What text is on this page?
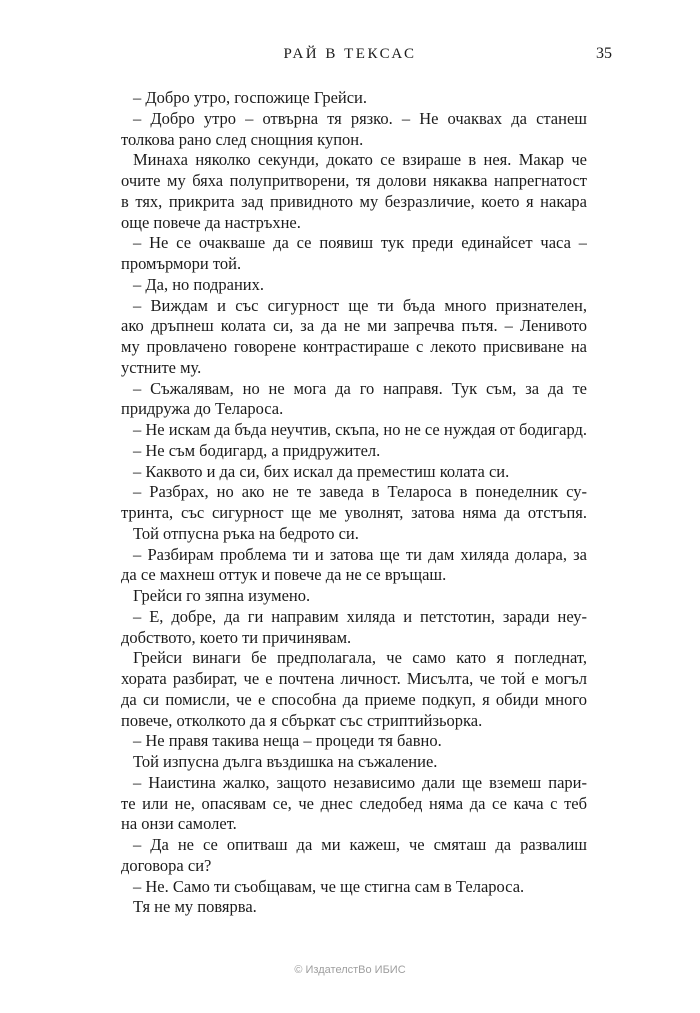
РАЙ В ТЕКСАС	35
– Добро утро, госпожице Грейси.
– Добро утро – отвърна тя рязко. – Не очаквах да станеш
толкова рано след снощния купон.
Минаха няколко секунди, докато се взираше в нея. Макар че
очите му бяха полупритворени, тя долови някаква напрегнатост
в тях, прикрита зад привидното му безразличие, което я накара
още повече да настръхне.
– Не се очакваше да се появиш тук преди единайсет часа –
промърмори той.
– Да, но подраних.
– Виждам и със сигурност ще ти бъда много признателен,
ако дръпнеш колата си, за да не ми запречва пътя. – Ленивото
му провлачено говорене контрастираше с лекото присвиване на
устните му.
– Съжалявам, но не мога да го направя. Тук съм, за да те
придружа до Телароса.
– Не искам да бъда неучтив, скъпа, но не се нуждая от бодигард.
– Не съм бодигард, а придружител.
– Каквото и да си, бих искал да преместиш колата си.
– Разбрах, но ако не те заведа в Телароса в понеделник су-
тринта, със сигурност ще ме уволнят, затова няма да отстъпя.
Той отпусна ръка на бедрото си.
– Разбирам проблема ти и затова ще ти дам хиляда долара, за
да се махнеш оттук и повече да не се връщаш.
Грейси го зяпна изумено.
– Е, добре, да ги направим хиляда и петстотин, заради неу-
добството, което ти причинявам.
Грейси винаги бе предполагала, че само като я погледнат,
хората разбират, че е почтена личност. Мисълта, че той е могъл
да си помисли, че е способна да приеме подкуп, я обиди много
повече, отколкото да я сбъркат със стриптийзьорка.
– Не правя такива неща – процеди тя бавно.
Той изпусна дълга въздишка на съжаление.
– Наистина жалко, защото независимо дали ще вземеш пари-
те или не, опасявам се, че днес следобед няма да се кача с теб
на онзи самолет.
– Да не се опитваш да ми кажеш, че смяташ да развалиш
договора си?
– Не. Само ти съобщавам, че ще стигна сам в Телароса.
Тя не му повярва.
© ИздателстВо ИБИС
